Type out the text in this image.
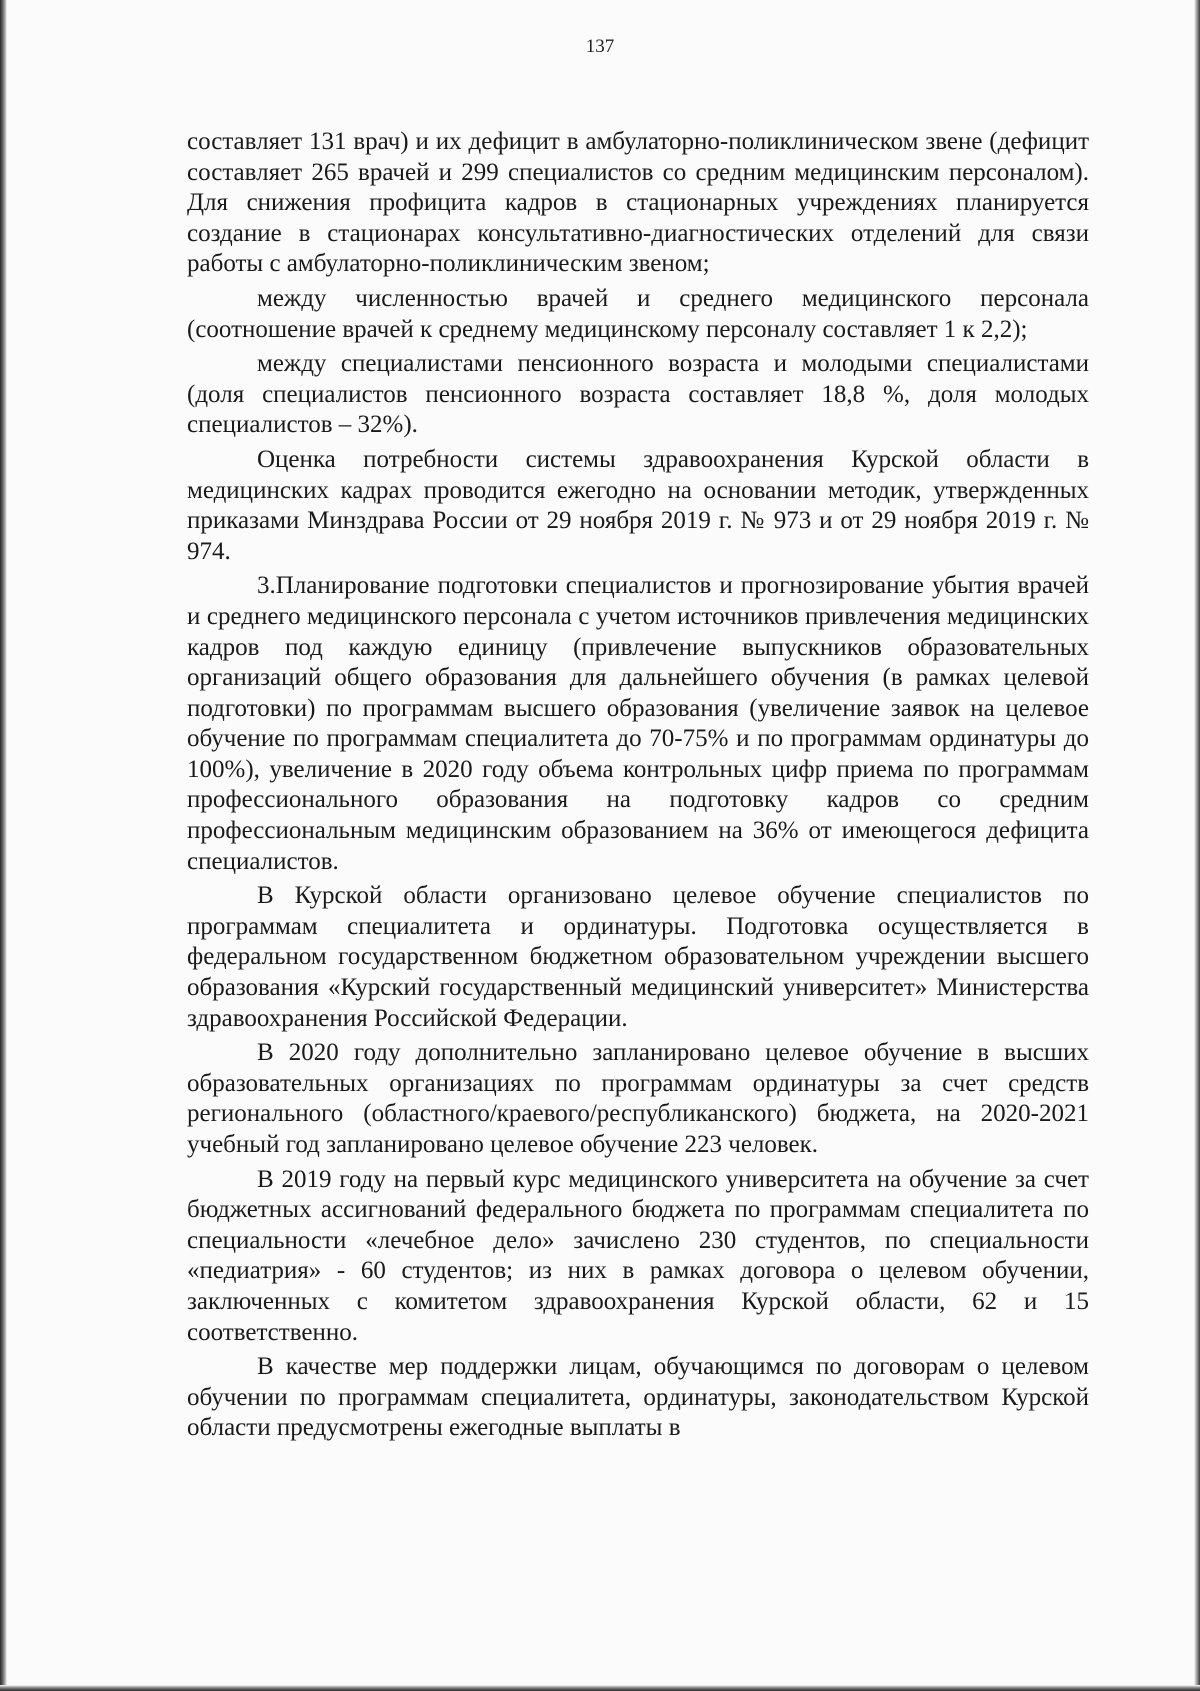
137

составляет 131 врач) и их дефицит в амбулаторно-поликлиническом звене (дефицит составляет 265 врачей и 299 специалистов со средним медицинским персоналом). Для снижения профицита кадров в стационарных учреждениях планируется создание в стационарах консультативно-диагностических отделений для связи работы с амбулаторно-поликлиническим звеном;

между численностью врачей и среднего медицинского персонала (соотношение врачей к среднему медицинскому персоналу составляет 1 к 2,2);

между специалистами пенсионного возраста и молодыми специалистами (доля специалистов пенсионного возраста составляет 18,8 %, доля молодых специалистов – 32%).

Оценка потребности системы здравоохранения Курской области в медицинских кадрах проводится ежегодно на основании методик, утвержденных приказами Минздрава России от 29 ноября 2019 г. № 973 и от 29 ноября 2019 г. № 974.

3.Планирование подготовки специалистов и прогнозирование убытия врачей и среднего медицинского персонала с учетом источников привлечения медицинских кадров под каждую единицу (привлечение выпускников образовательных организаций общего образования для дальнейшего обучения (в рамках целевой подготовки) по программам высшего образования (увеличение заявок на целевое обучение по программам специалитета до 70-75% и по программам ординатуры до 100%), увеличение в 2020 году объема контрольных цифр приема по программам профессионального образования на подготовку кадров со средним профессиональным медицинским образованием на 36% от имеющегося дефицита специалистов.

В Курской области организовано целевое обучение специалистов по программам специалитета и ординатуры. Подготовка осуществляется в федеральном государственном бюджетном образовательном учреждении высшего образования «Курский государственный медицинский университет» Министерства здравоохранения Российской Федерации.

В 2020 году дополнительно запланировано целевое обучение в высших образовательных организациях по программам ординатуры за счет средств регионального (областного/краевого/республиканского) бюджета, на 2020-2021 учебный год запланировано целевое обучение 223 человек.

В 2019 году на первый курс медицинского университета на обучение за счет бюджетных ассигнований федерального бюджета по программам специалитета по специальности «лечебное дело» зачислено 230 студентов, по специальности «педиатрия» - 60 студентов; из них в рамках договора о целевом обучении, заключенных с комитетом здравоохранения Курской области, 62 и 15 соответственно.

В качестве мер поддержки лицам, обучающимся по договорам о целевом обучении по программам специалитета, ординатуры, законодательством Курской области предусмотрены ежегодные выплаты в
